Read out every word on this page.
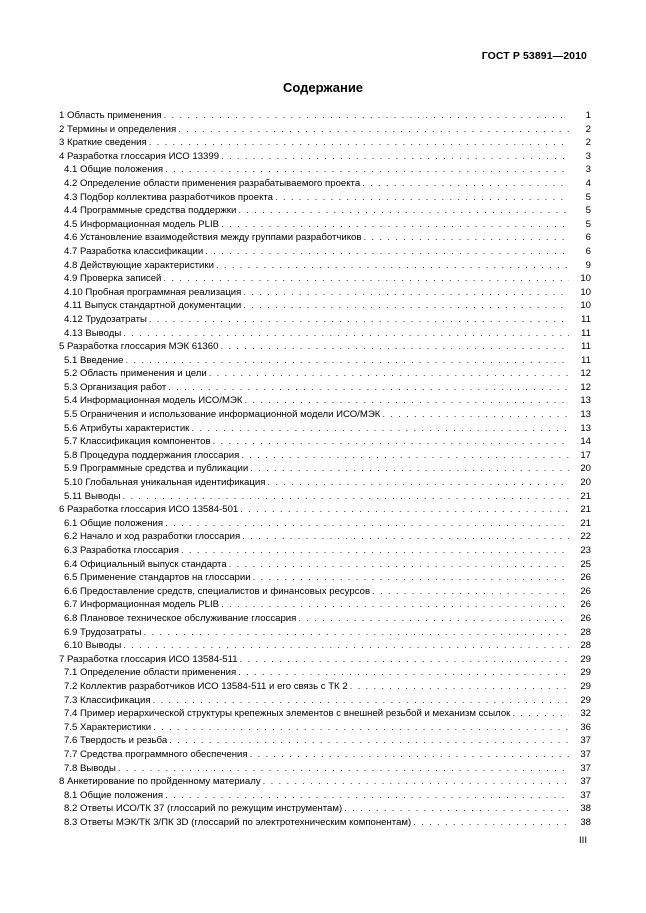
ГОСТ Р 53891—2010
Содержание
1 Область применения . . .	1
2 Термины и определения . . .	2
3 Краткие сведения . . .	2
4 Разработка глоссария ИСО 13399 . . .	3
4.1 Общие положения . . .	3
4.2 Определение области применения разрабатываемого проекта . . .	4
4.3 Подбор коллектива разработчиков проекта . . .	5
4.4 Программные средства поддержки . . .	5
4.5 Информационная модель PLIB . . .	5
4.6 Установление взаимодействия между группами разработчиков . . .	6
4.7 Разработка классификации . . .	6
4.8 Действующие характеристики . . .	9
4.9 Проверка записей . . .	10
4.10 Пробная программная реализация . . .	10
4.11 Выпуск стандартной документации . . .	10
4.12 Трудозатраты . . .	11
4.13 Выводы . . .	11
5 Разработка глоссария МЭК 61360 . . .	11
5.1 Введение . . .	11
5.2 Область применения и цели . . .	12
5.3 Организация работ . . .	12
5.4 Информационная модель ИСО/МЭК . . .	13
5.5 Ограничения и использование информационной модели ИСО/МЭК . . .	13
5.6 Атрибуты характеристик . . .	13
5.7 Классификация компонентов . . .	14
5.8 Процедура поддержания глоссария . . .	17
5.9 Программные средства и публикации . . .	20
5.10 Глобальная уникальная идентификация . . .	20
5.11 Выводы . . .	21
6 Разработка глоссария ИСО 13584-501 . . .	21
6.1 Общие положения . . .	21
6.2 Начало и ход разработки глоссария . . .	22
6.3 Разработка глоссария . . .	23
6.4 Официальный выпуск стандарта . . .	25
6.5 Применение стандартов на глоссарии . . .	26
6.6 Предоставление средств, специалистов и финансовых ресурсов . . .	26
6.7 Информационная модель PLIB . . .	26
6.8 Плановое техническое обслуживание глоссария . . .	26
6.9 Трудозатраты . . .	28
6.10 Выводы . . .	28
7 Разработка глоссария ИСО 13584-511 . . .	29
7.1 Определение области применения . . .	29
7.2 Коллектив разработчиков ИСО 13584-511 и его связь с ТК 2 . . .	29
7.3 Классификация . . .	29
7.4 Пример иерархической структуры крепежных элементов с внешней резьбой и механизм ссылок . . .	32
7.5 Характеристики . . .	36
7.6 Твердость и резьба . . .	37
7.7 Средства программного обеспечения . . .	37
7.8 Выводы . . .	37
8 Анкетирование по пройденному материалу . . .	37
8.1 Общие положения . . .	37
8.2 Ответы ИСО/ТК 37 (глоссарий по режущим инструментам) . . .	38
8.3 Ответы МЭК/ТК 3/ПК 3D (глоссарий по электротехническим компонентам) . . .	38
III
